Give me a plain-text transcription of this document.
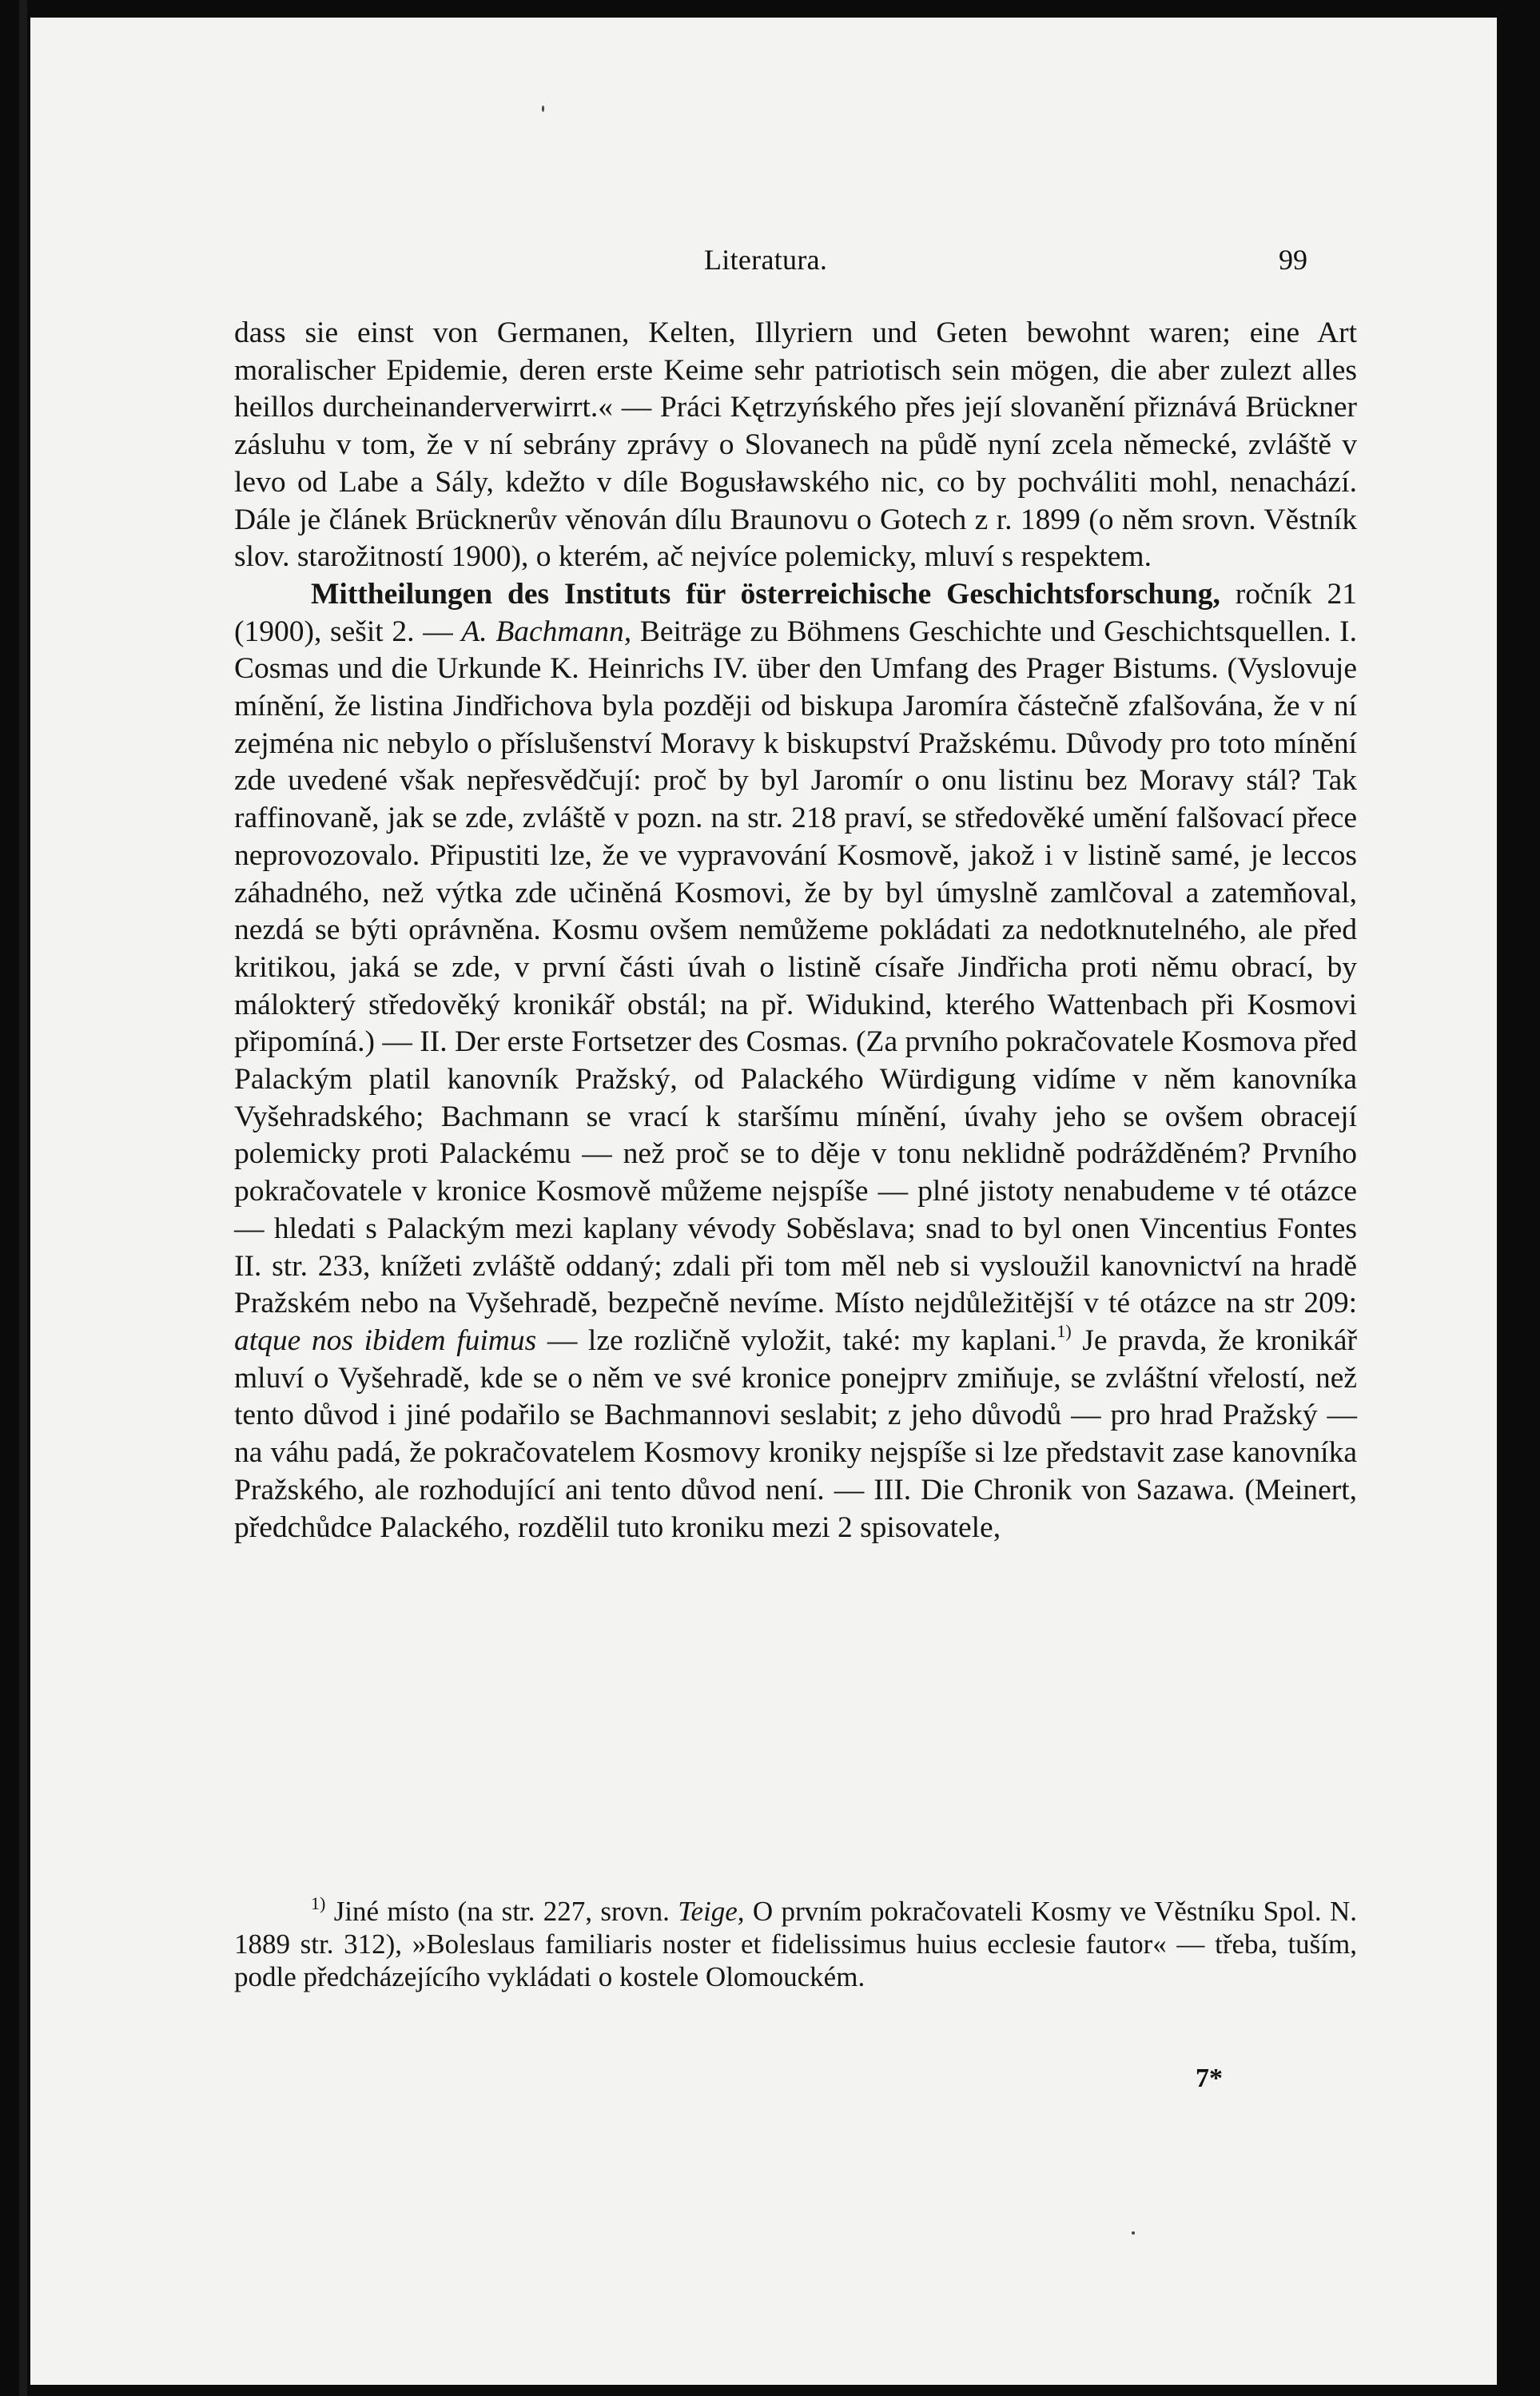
Literatura.	99

dass sie einst von Germanen, Kelten, Illyriern und Geten bewohnt waren; eine Art moralischer Epidemie, deren erste Keime sehr patriotisch sein mögen, die aber zulezt alles heillos durcheinanderverwirrt.« — Práci Kętrzyńského přes její slovanění přiznává Brückner zásluhu v tom, že v ní sebrány zprávy o Slovanech na půdě nyní zcela německé, zvláště v levo od Labe a Sály, kdežto v díle Bogusławského nic, co by pochváliti mohl, nenachází. Dále je článek Brücknerův věnován dílu Braunovu o Gotech z r. 1899 (o něm srovn. Věstník slov. starožitností 1900), o kterém, ač nejvíce polemicky, mluví s respektem.

Mittheilungen des Instituts für österreichische Geschichtsforschung, ročník 21 (1900), sešit 2. — A. Bachmann, Beiträge zu Böhmens Geschichte und Geschichtsquellen. I. Cosmas und die Urkunde K. Heinrichs IV. über den Umfang des Prager Bistums. (Vyslovuje mínění, že listina Jindřichova byla později od biskupa Jaromíra částečně zfalšována, že v ní zejména nic nebylo o příslušenství Moravy k biskupství Pražskému. Důvody pro toto mínění zde uvedené však nepřesvědčují: proč by byl Jaromír o onu listinu bez Moravy stál? Tak raffinovaně, jak se zde, zvláště v pozn. na str. 218 praví, se středověké umění falšovací přece neprovozovalo. Připustiti lze, že ve vypravování Kosmově, jakož i v listině samé, je leccos záhadného, než výtka zde učiněná Kosmovi, že by byl úmyslně zamlčoval a zatemňoval, nezdá se býti oprávněna. Kosmu ovšem nemůžeme pokládati za nedotknutelného, ale před kritikou, jaká se zde, v první části úvah o listině císaře Jindřicha proti němu obrací, by málokterý středověký kronikář obstál; na př. Widukind, kterého Wattenbach při Kosmovi připomíná.) — II. Der erste Fortsetzer des Cosmas. (Za prvního pokračovatele Kosmova před Palackým platil kanovník Pražský, od Palackého Würdigung vidíme v něm kanovníka Vyšehradského; Bachmann se vrací k staršímu mínění, úvahy jeho se ovšem obracejí polemicky proti Palackému — než proč se to děje v tonu neklidně podrážděném? Prvního pokračovatele v kronice Kosmově můžeme nejspíše — plné jistoty nenabudeme v té otázce — hledati s Palackým mezi kaplany vévody Soběslava; snad to byl onen Vincentius Fontes II. str. 233, knížeti zvláště oddaný; zdali při tom měl neb si vysloužil kanovnictví na hradě Pražském nebo na Vyšehradě, bezpečně nevíme. Místo nejdůležitější v té otázce na str 209: atque nos ibidem fuimus — lze rozličně vyložit, také: my kaplani.$^{1)}$ Je pravda, že kronikář mluví o Vyšehradě, kde se o něm ve své kronice ponejprv zmiňuje, se zvláštní vřelostí, než tento důvod i jiné podařilo se Bachmannovi seslabit; z jeho důvodů — pro hrad Pražský — na váhu padá, že pokračovatelem Kosmovy kroniky nejspíše si lze představit zase kanovníka Pražského, ale rozhodující ani tento důvod není. — III. Die Chronik von Sazawa. (Meinert, předchůdce Palackého, rozdělil tuto kroniku mezi 2 spisovatele,

$^{1)}$ Jiné místo (na str. 227, srovn. Teige, O prvním pokračovateli Kosmy ve Věstníku Spol. N. 1889 str. 312), »Boleslaus familiaris noster et fidelissimus huius ecclesie fautor« — třeba, tuším, podle předcházejícího vykládati o kostele Olomouckém.

7*
